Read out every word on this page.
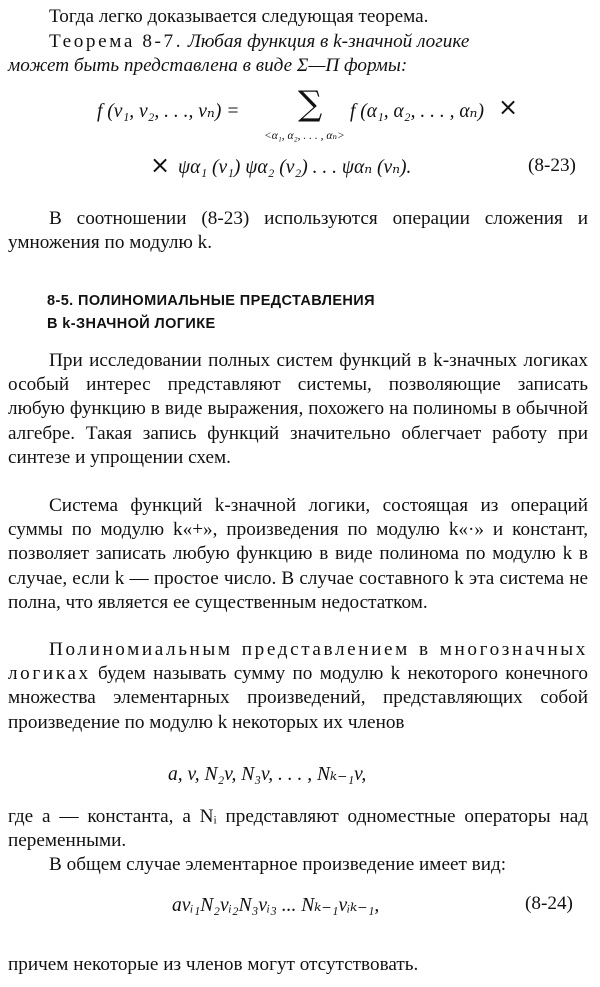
Тогда легко доказывается следующая теорема.
Теорема 8-7. Любая функция в k-значной логике
может быть представлена в виде Σ—Π формы:
f (v₁, v₂, . . ., vₙ) = ∑
<α₁, α₂, . . . , αₙ>
f (α₁, α₂, . . . , αₙ) ×
× ψα₁ (v₁) ψα₂ (v₂) . . . ψαₙ (vₙ).	(8-23)
В соотношении (8-23) используются операции сложения и умножения по модулю k.
8-5. ПОЛИНОМИАЛЬНЫЕ ПРЕДСТАВЛЕНИЯ
В k-ЗНАЧНОЙ ЛОГИКЕ
При исследовании полных систем функций в k-значных логиках особый интерес представляют системы, позволяющие записать любую функцию в виде выражения, похожего на полиномы в обычной алгебре. Такая запись функций значительно облегчает работу при синтезе и упрощении схем.
Система функций k-значной логики, состоящая из операций суммы по модулю k«+», произведения по модулю k«·» и констант, позволяет записать любую функцию в виде полинома по модулю k в случае, если k — простое число. В случае составного k эта система не полна, что является ее существенным недостатком.
Полиномиальным представлением в многозначных логиках будем называть сумму по модулю k некоторого конечного множества элементарных произведений, представляющих собой произведение по модулю k некоторых их членов
a, v, N₂v, N₃v, . . . , Nₖ₋₁v,
где a — константа, а Nᵢ представляют одноместные операторы над переменными.
В общем случае элементарное произведение имеет вид:
avᵢ₁N₂vᵢ₂N₃vᵢ₃ ... Nₖ₋₁vᵢₖ₋₁,	(8-24)
причем некоторые из членов могут отсутствовать.
